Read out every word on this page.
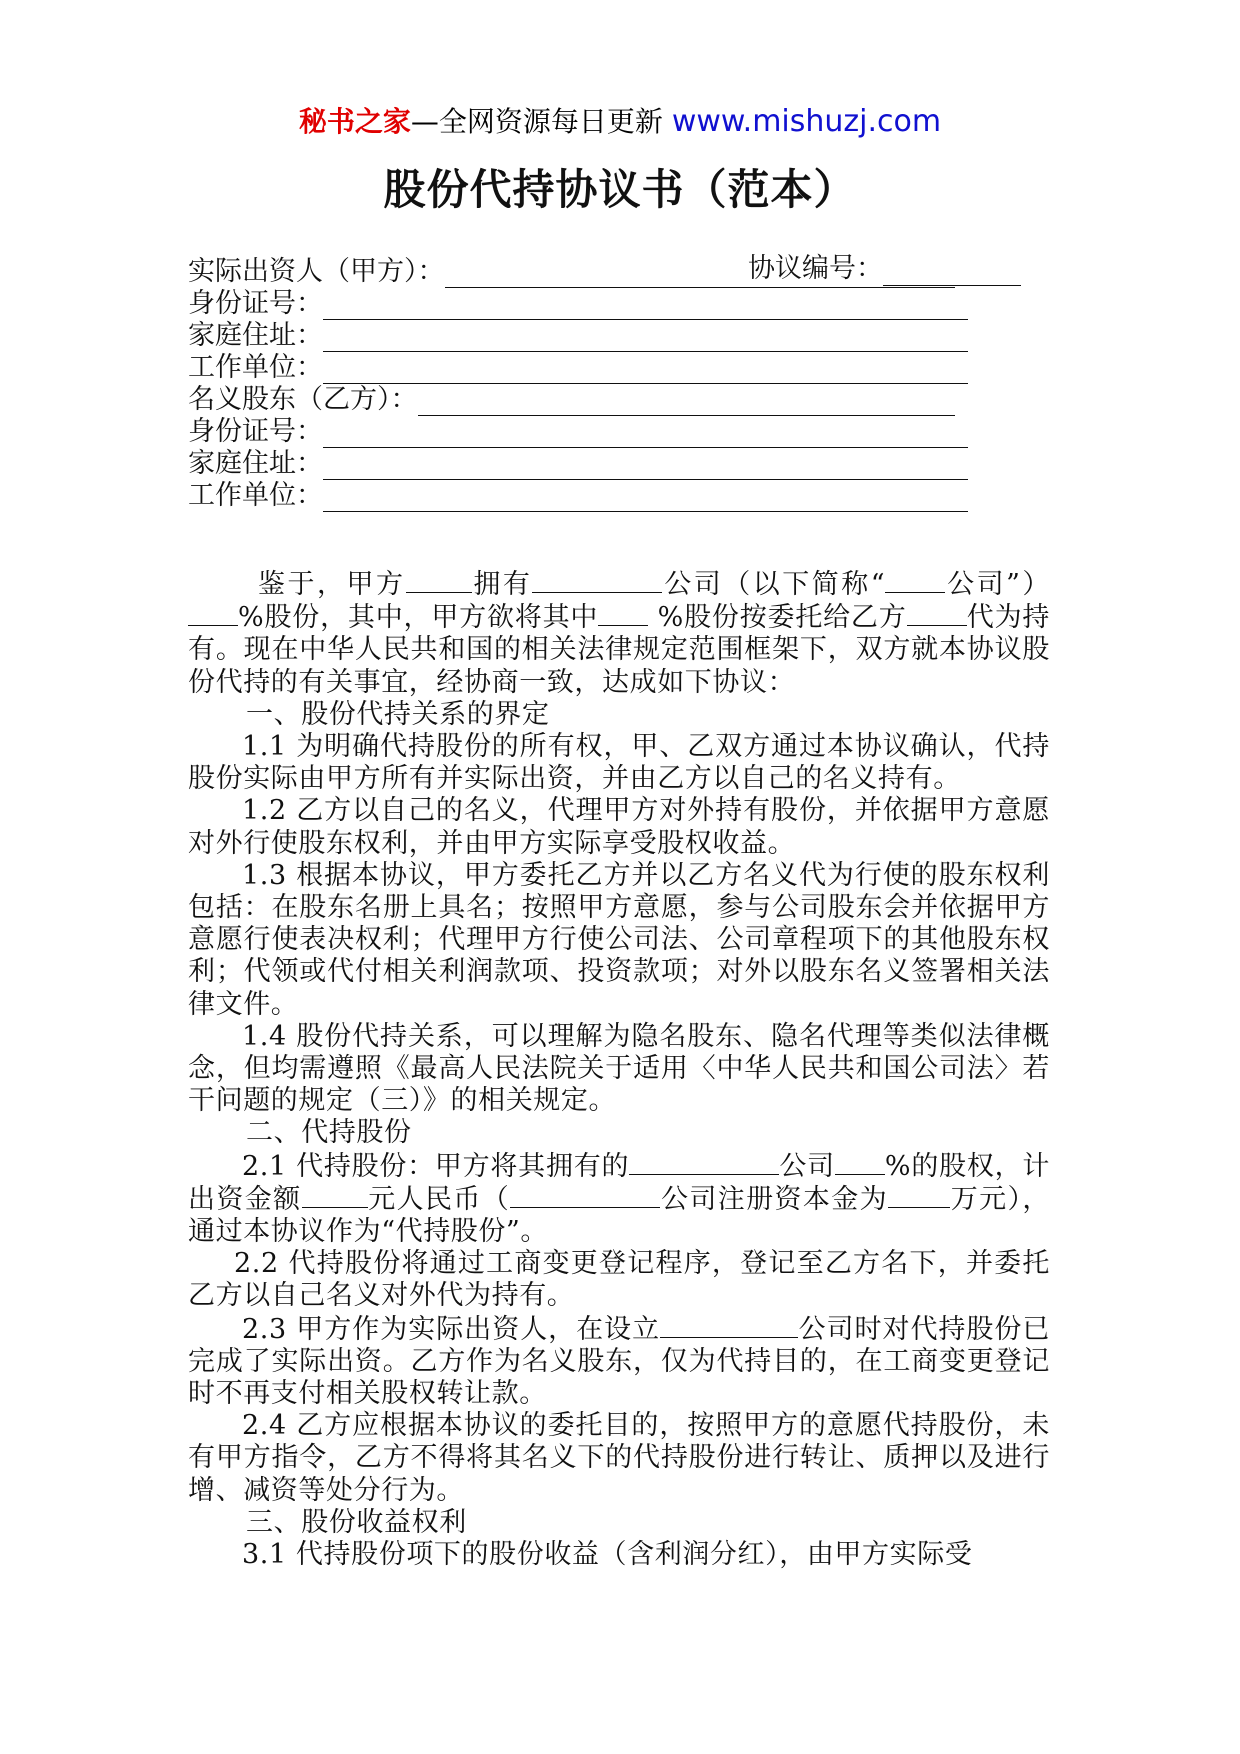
秘书之家—全网资源每日更新 www.mishuzj.com
股份代持协议书（范本）
协议编号：
实际出资人（甲方）：
身份证号：
家庭住址：
工作单位：
名义股东（乙方）：
身份证号：
家庭住址：
工作单位：

鉴于，甲方 拥有	公司（以下简称“ 公司”） %股份，其中，甲方欲将其中 %股份按委托给乙方 代为持有。现在中华人民共和国的相关法律规定范围框架下，双方就本协议股份代持的有关事宜，经协商一致，达成如下协议：

一、股份代持关系的界定

1.1 为明确代持股份的所有权，甲、乙双方通过本协议确认，代持股份实际由甲方所有并实际出资，并由乙方以自己的名义持有。

1.2 乙方以自己的名义，代理甲方对外持有股份，并依据甲方意愿对外行使股东权利，并由甲方实际享受股权收益。

1.3 根据本协议，甲方委托乙方并以乙方名义代为行使的股东权利包括：在股东名册上具名；按照甲方意愿，参与公司股东会并依据甲方意愿行使表决权利；代理甲方行使公司法、公司章程项下的其他股东权利；代领或代付相关利润款项、投资款项；对外以股东名义签署相关法律文件。

1.4 股份代持关系，可以理解为隐名股东、隐名代理等类似法律概念，但均需遵照《最高人民法院关于适用〈中华人民共和国公司法〉若干问题的规定（三）》的相关规定。

二、代持股份

2.1 代持股份：甲方将其拥有的	公司 %的股权，计出资金额 元人民币（	公司注册资本金为 万元），通过本协议作为“代持股份”。

2.2 代持股份将通过工商变更登记程序，登记至乙方名下，并委托乙方以自己名义对外代为持有。

2.3 甲方作为实际出资人，在设立	公司时对代持股份已完成了实际出资。乙方作为名义股东，仅为代持目的，在工商变更登记时不再支付相关股权转让款。

2.4 乙方应根据本协议的委托目的，按照甲方的意愿代持股份，未有甲方指令，乙方不得将其名义下的代持股份进行转让、质押以及进行增、减资等处分行为。

三、股份收益权利

3.1 代持股份项下的股份收益（含利润分红），由甲方实际受
